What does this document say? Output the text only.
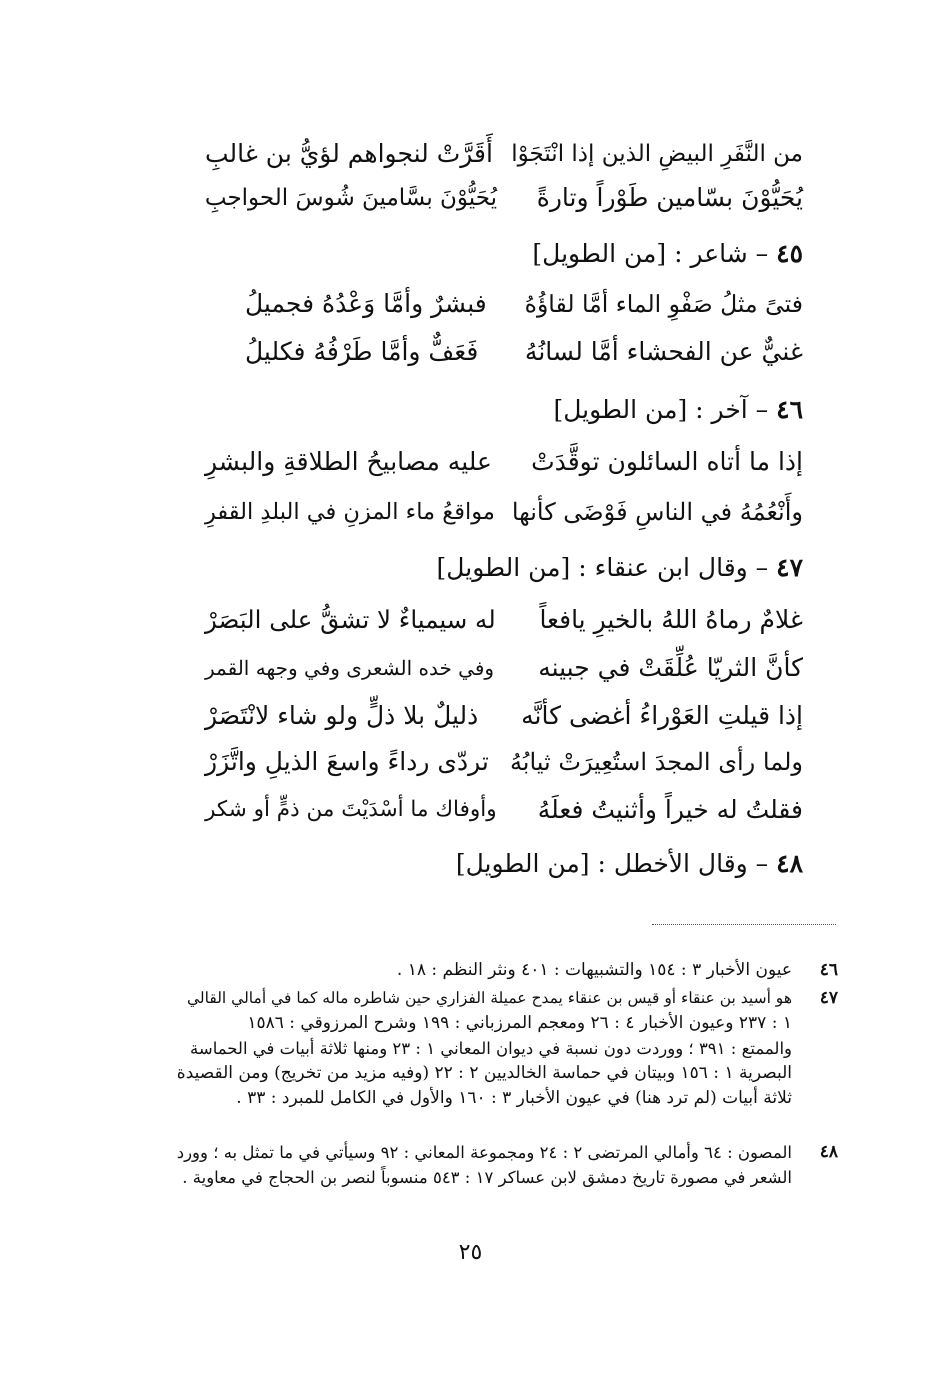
من النَّفَرِ البيضِ الذين إذا انْتَجَوْا
أَقَرَّتْ لنجواهم لؤيُّ بن غالبِ
يُحَيُّوْنَ بسّامين طَوْراً وتارةً
يُحَيُّوْنَ بسَّامينَ شُوسَ الحواجبِ
٤٥ – شاعر : [من الطويل]
فتىً مثلُ صَفْوِ الماء أمَّا لقاؤُهُ
فبشرٌ وأمَّا وَعْدُهُ فجميلُ
غنيٌّ عن الفحشاء أمَّا لسانُهُ
فَعَفٌّ وأمَّا طَرْفُهُ فكليلُ
٤٦ – آخر : [من الطويل]
إذا ما أتاه السائلون توقَّدَتْ
عليه مصابيحُ الطلاقةِ والبشرِ
وأَنْعُمُهُ في الناسِ فَوْضَى كأنها
مواقعُ ماء المزنِ في البلدِ القفرِ
٤٧ – وقال ابن عنقاء : [من الطويل]
غلامٌ رماهُ اللهُ بالخيرِ يافعاً
له سيمياءٌ لا تشقُّ على البَصَرْ
كأنَّ الثريّا عُلِّقَتْ في جبينه
وفي خده الشعرى وفي وجهه القمر
إذا قيلتِ العَوْراءُ أغضى كأنَّه
ذليلٌ بلا ذلٍّ ولو شاء لانْتَصَرْ
ولما رأى المجدَ استُعِيرَتْ ثيابُهُ
تردّى رداءً واسعَ الذيلِ واتَّزَرْ
فقلتُ له خيراً وأثنيتُ فعلَهُ
وأوفاك ما أسْدَيْتَ من ذمٍّ أو شكر
٤٨ – وقال الأخطل : [من الطويل]
٤٦
عيون الأخبار ٣ : ١٥٤ والتشبيهات : ٤٠١ ونثر النظم : ١٨ .
٤٧
هو أسيد بن عنقاء أو قيس بن عنقاء يمدح عميلة الفزاري حين شاطره ماله كما في أمالي القالي
١ : ٢٣٧ وعيون الأخبار ٤ : ٢٦ ومعجم المرزباني : ١٩٩ وشرح المرزوقي : ١٥٨٦
والممتع : ٣٩١ ؛ ووردت دون نسبة في ديوان المعاني ١ : ٢٣ ومنها ثلاثة أبيات في الحماسة
البصرية ١ : ١٥٦ وبيتان في حماسة الخالديين ٢ : ٢٢ (وفيه مزيد من تخريج) ومن القصيدة
ثلاثة أبيات (لم ترد هنا) في عيون الأخبار ٣ : ١٦٠ والأول في الكامل للمبرد : ٣٣ .
٤٨
المصون : ٦٤ وأمالي المرتضى ٢ : ٢٤ ومجموعة المعاني : ٩٢ وسيأتي في ما تمثل به ؛ وورد
الشعر في مصورة تاريخ دمشق لابن عساكر ١٧ : ٥٤٣ منسوباً لنصر بن الحجاج في معاوية .
٢٥
